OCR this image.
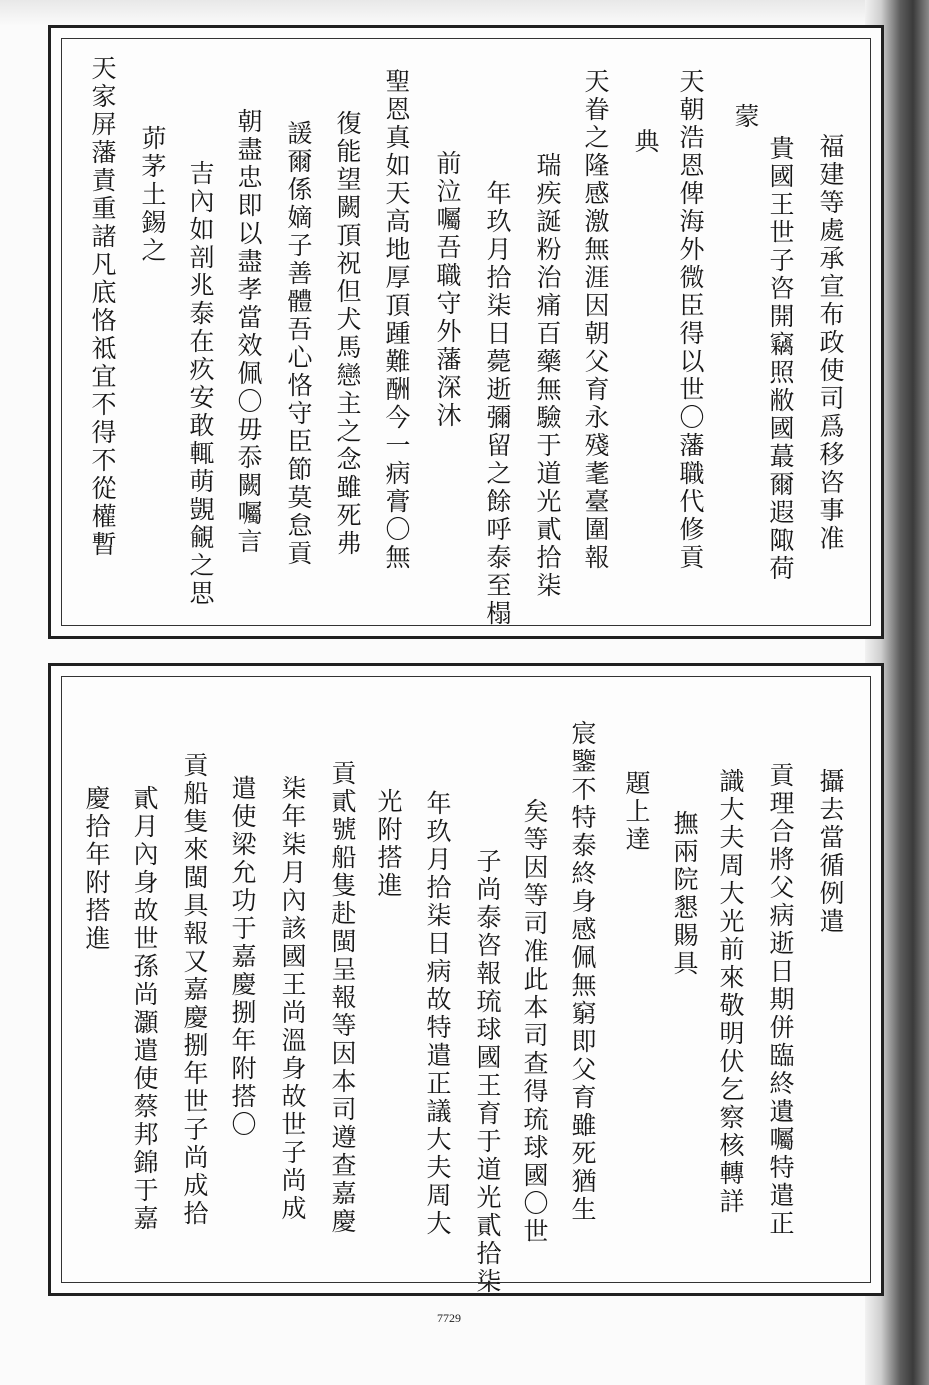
福建等處承宣布政使司爲移咨事准
貴國王世子咨開竊照敝國蕞爾遐陬荷
蒙
天朝浩恩俾海外微臣得以世〇藩職代修貢
典
天眷之隆感激無涯因朝父育永殘耄臺圍報
瑞疾誕粉治痛百藥無驗于道光貳拾柒
年玖月拾柒日薨逝彌留之餘呼泰至榻
前泣囑吾職守外藩深沐
聖恩真如天高地厚頂踵難酬今一病膏〇無
復能望闕頂祝但犬馬戀主之念雖死弗
諼爾係嫡子善體吾心恪守臣節莫怠貢
朝盡忠即以盡孝當效佩〇毋忝闕囑言
吉內如剖兆泰在疚安敢輒萌覬覦之思
茆茅土錫之
天家屏藩責重諸凡底恪祗宜不得不從權暫
攝去當循例遣
貢理合將父病逝日期併臨終遺囑特遣正
識大夫周大光前來敬明伏乞察核轉詳
撫兩院懇賜具
題上達
宸鑒不特泰終身感佩無窮即父育雖死猶生
矣等因等司准此本司查得琉球國〇世
子尚泰咨報琉球國王育于道光貳拾柒
年玖月拾柒日病故特遣正議大夫周大
光附搭進
貢貳號船隻赴閩呈報等因本司遵查嘉慶
柒年柒月內該國王尚溫身故世子尚成
遣使梁允功于嘉慶捌年附搭〇
貢船隻來閩具報又嘉慶捌年世子尚成拾
貳月內身故世孫尚灝遣使蔡邦錦于嘉
慶拾年附搭進
7729
